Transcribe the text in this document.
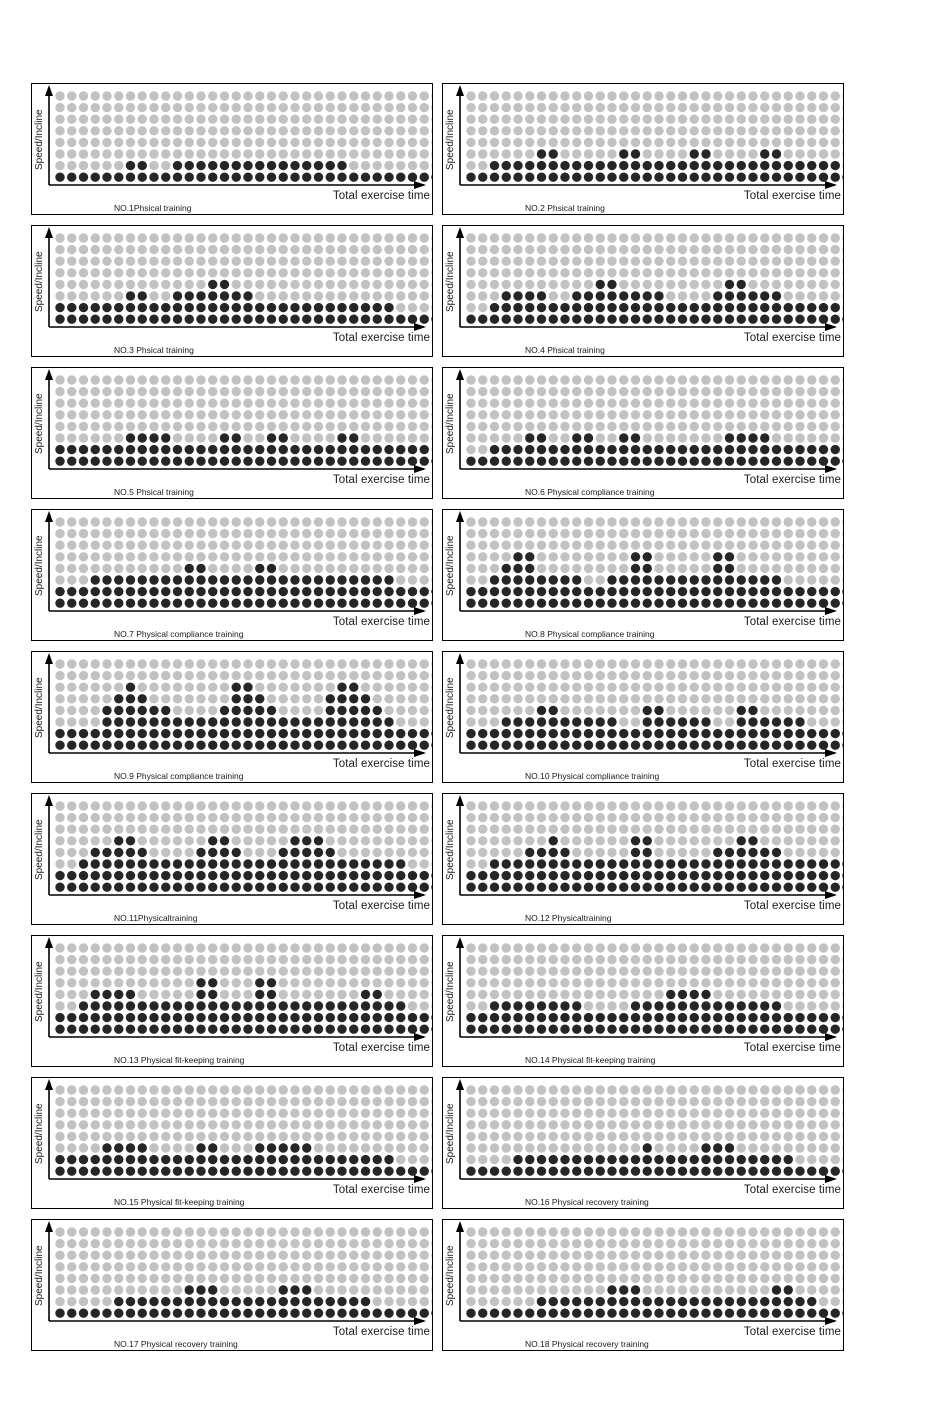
Speed/Incline
Total exercise time
NO.1Phsical training
Speed/Incline
Total exercise time
NO.2 Phsical training
Speed/Incline
Total exercise time
NO.3 Phsical training
Speed/Incline
Total exercise time
NO.4 Phsical training
Speed/Incline
Total exercise time
NO.5 Phsical training
Speed/Incline
Total exercise time
NO.6 Physical compliance training
Speed/Incline
Total exercise time
NO.7 Physical compliance training
Speed/Incline
Total exercise time
NO.8 Physical compliance training
Speed/Incline
Total exercise time
NO.9 Physical compliance training
Speed/Incline
Total exercise time
NO.10 Physical compliance training
Speed/Incline
Total exercise time
NO.11Physicaltraining
Speed/Incline
Total exercise time
NO.12 Physicaltraining
Speed/Incline
Total exercise time
NO.13 Physical fit-keeping training
Speed/Incline
Total exercise time
NO.14 Physical fit-keeping training
Speed/Incline
Total exercise time
NO.15 Physical fit-keeping training
Speed/Incline
Total exercise time
NO.16 Physical recovery training
Speed/Incline
Total exercise time
NO.17 Physical recovery training
Speed/Incline
Total exercise time
NO.18 Physical recovery training
